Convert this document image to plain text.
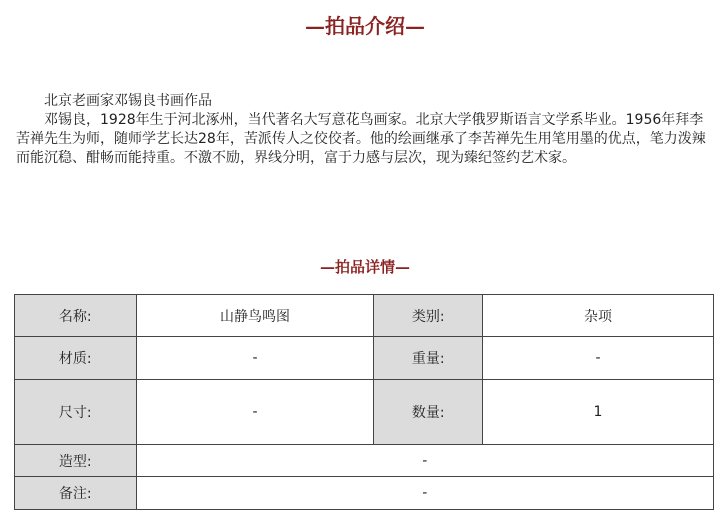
—拍品介绍—

北京老画家邓锡良书画作品

邓锡良，1928年生于河北涿州，当代著名大写意花鸟画家。北京大学俄罗斯语言文学系毕业。1956年拜李苦禅先生为师，随师学艺长达28年，苦派传人之佼佼者。他的绘画继承了李苦禅先生用笔用墨的优点，笔力泼辣而能沉稳、酣畅而能持重。不激不励，界线分明，富于力感与层次，现为臻纪签约艺术家。

—拍品详情—
名称:	山静鸟鸣图	类别:	杂项
材质:	-	重量:	-
尺寸:	-	数量:	1
造型:	-		
备注:	-		
